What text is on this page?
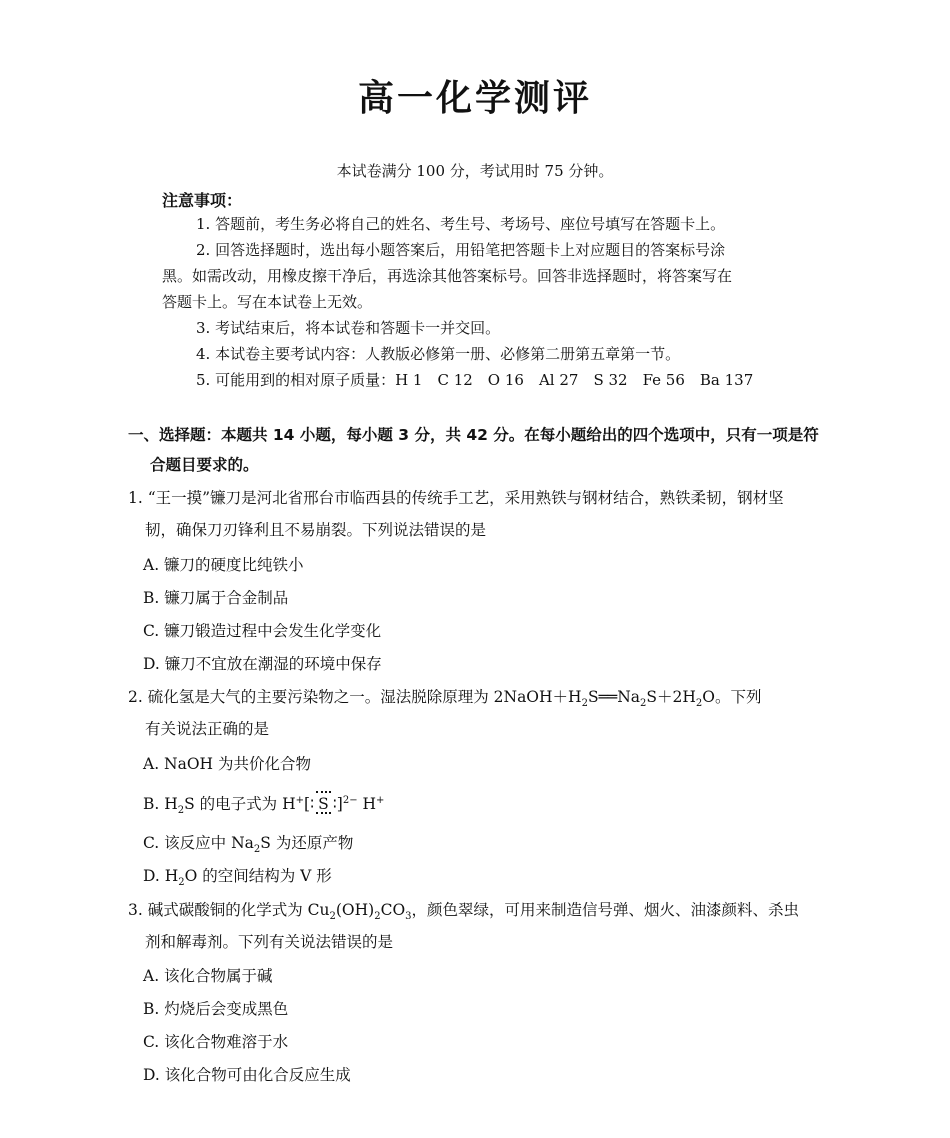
高一化学测评
本试卷满分 100 分，考试用时 75 分钟。
注意事项：
1. 答题前，考生务必将自己的姓名、考生号、考场号、座位号填写在答题卡上。
2. 回答选择题时，选出每小题答案后，用铅笔把答题卡上对应题目的答案标号涂
黑。如需改动，用橡皮擦干净后，再选涂其他答案标号。回答非选择题时，将答案写在
答题卡上。写在本试卷上无效。
3. 考试结束后，将本试卷和答题卡一并交回。
4. 本试卷主要考试内容：人教版必修第一册、必修第二册第五章第一节。
5. 可能用到的相对原子质量：H 1　C 12　O 16　Al 27　S 32　Fe 56　Ba 137
一、选择题：本题共 14 小题，每小题 3 分，共 42 分。在每小题给出的四个选项中，只有一项是符
合题目要求的。
1. “王一摸”镰刀是河北省邢台市临西县的传统手工艺，采用熟铁与钢材结合，熟铁柔韧，钢材坚
韧，确保刀刃锋利且不易崩裂。下列说法错误的是
A. 镰刀的硬度比纯铁小
B. 镰刀属于合金制品
C. 镰刀锻造过程中会发生化学变化
D. 镰刀不宜放在潮湿的环境中保存
2. 硫化氢是大气的主要污染物之一。湿法脱除原理为 $2NaOH+H_2S══Na_2S+2H_2O$。下列
有关说法正确的是
A. NaOH 为共价化合物
B. $H_2S$ 的电子式为 H+[∶ S ∶]$^{2-}$ H+
C. 该反应中 $Na_2S$ 为还原产物
D. $H_2O$ 的空间结构为 V 形
3. 碱式碳酸铜的化学式为 $Cu_2(OH)_2CO_3$，颜色翠绿，可用来制造信号弹、烟火、油漆颜料、杀虫
剂和解毒剂。下列有关说法错误的是
A. 该化合物属于碱
B. 灼烧后会变成黑色
C. 该化合物难溶于水
D. 该化合物可由化合反应生成
